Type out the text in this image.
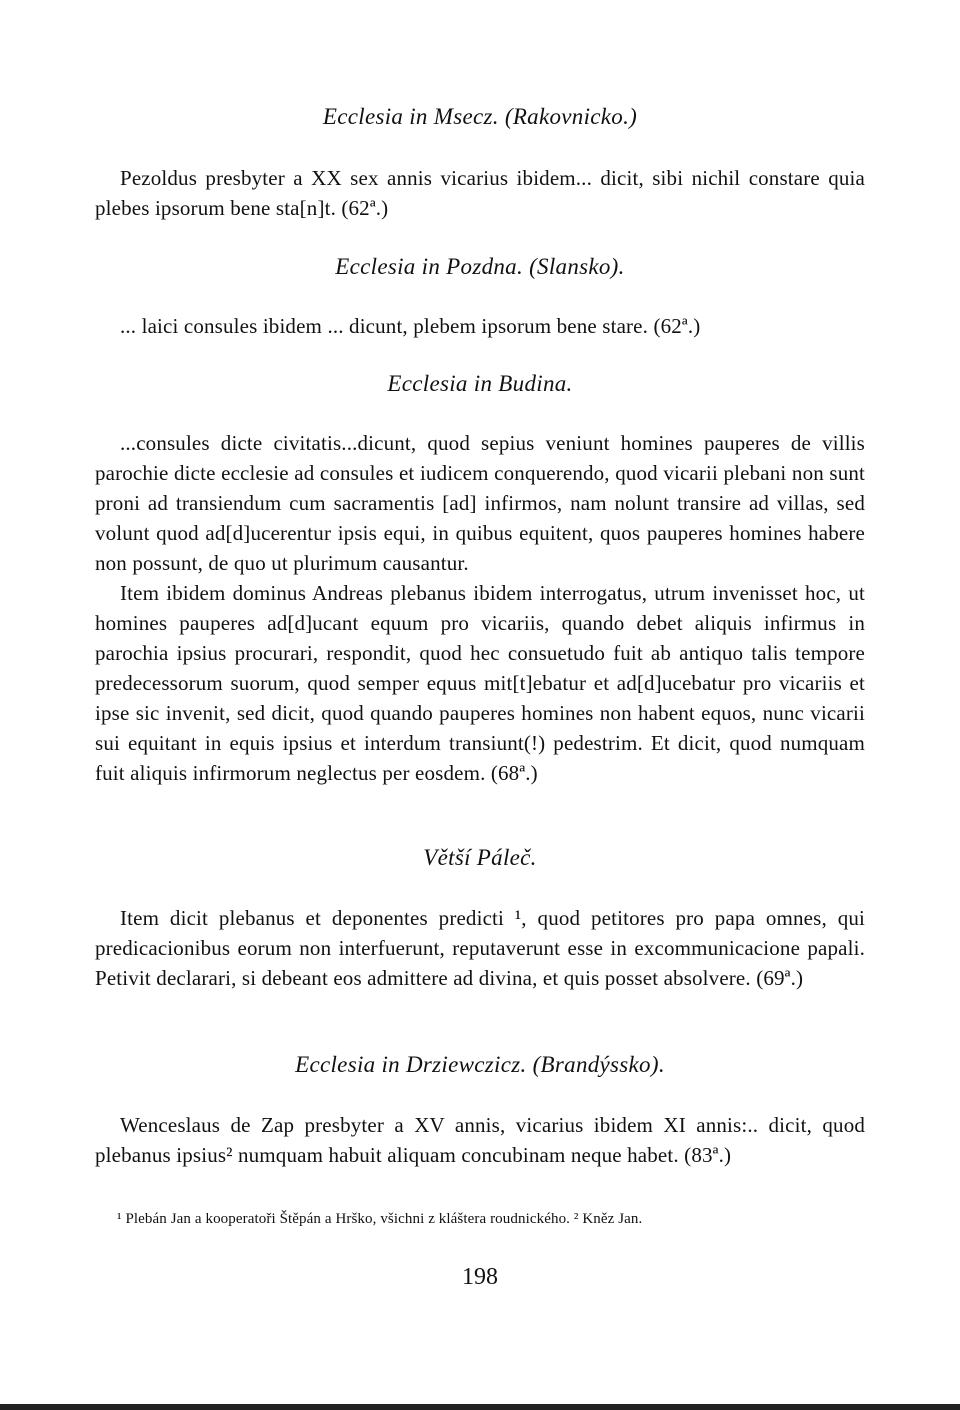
Ecclesia in Msecz. (Rakovnicko.)

Pezoldus presbyter a XX sex annis vicarius ibidem... dicit, sibi nichil constare quia plebes ipsorum bene sta[n]t. (62ª.)

Ecclesia in Pozdna. (Slansko).

... laici consules ibidem ... dicunt, plebem ipsorum bene stare. (62ª.)

Ecclesia in Budina.

...consules dicte civitatis...dicunt, quod sepius veniunt homines pauperes de villis parochie dicte ecclesie ad consules et iudicem conquerendo, quod vicarii plebani non sunt proni ad transiendum cum sacramentis [ad] infirmos, nam nolunt transire ad villas, sed volunt quod ad[d]ucerentur ipsis equi, in quibus equitent, quos pauperes homines habere non possunt, de quo ut plurimum causantur.

Item ibidem dominus Andreas plebanus ibidem interrogatus, utrum invenisset hoc, ut homines pauperes ad[d]ucant equum pro vicariis, quando debet aliquis infirmus in parochia ipsius procurari, respondit, quod hec consuetudo fuit ab antiquo talis tempore predecessorum suorum, quod semper equus mit[t]ebatur et ad[d]ucebatur pro vicariis et ipse sic invenit, sed dicit, quod quando pauperes homines non habent equos, nunc vicarii sui equitant in equis ipsius et interdum transiunt(!) pedestrim. Et dicit, quod numquam fuit aliquis infirmorum neglectus per eosdem. (68ª.)

Větší Páleč.

Item dicit plebanus et deponentes predicti ¹, quod petitores pro papa omnes, qui predicacionibus eorum non interfuerunt, reputaverunt esse in excommunicacione papali. Petivit declarari, si debeant eos admittere ad divina, et quis posset absolvere. (69ª.)

Ecclesia in Drziewczicz. (Brandýssko).

Wenceslaus de Zap presbyter a XV annis, vicarius ibidem XI annis:.. dicit, quod plebanus ipsius² numquam habuit aliquam concubinam neque habet. (83ª.)

¹ Plebán Jan a kooperatoři Štěpán a Hrško, všichni z kláštera roudnického. ² Kněz Jan.
198
